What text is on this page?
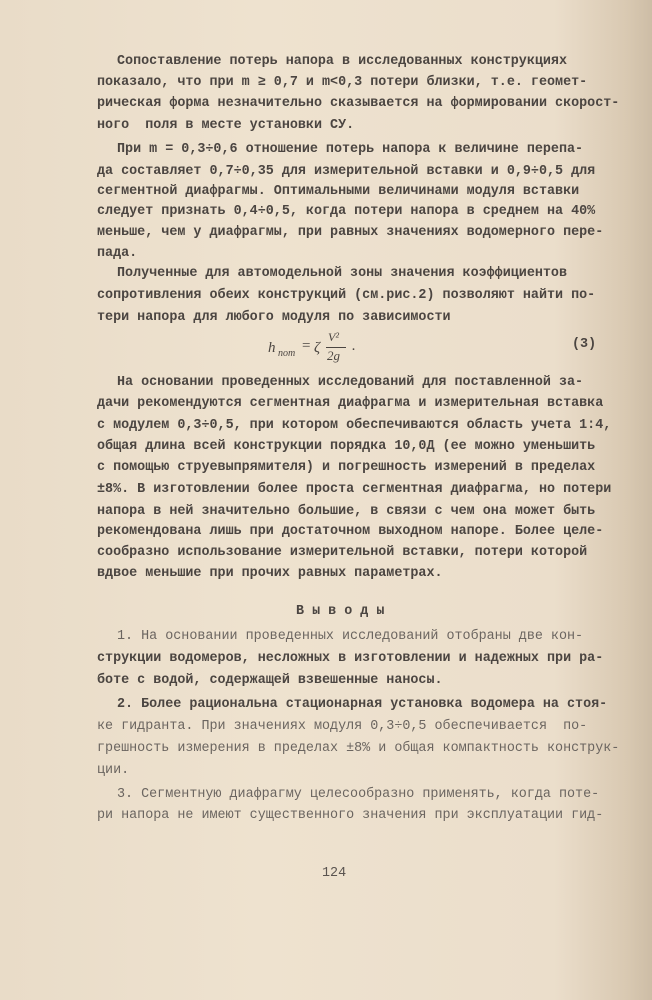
Сопоставление потерь напора в исследованных конструкциях
показало, что при m ≥ 0,7 и m<0,3 потери близки, т.е. геомет-
рическая форма незначительно сказывается на формировании скорост-
ного  поля в месте установки СУ.
При m = 0,3÷0,6 отношение потерь напора к величине перепа-
да составляет 0,7÷0,35 для измерительной вставки и 0,9÷0,5 для
сегментной диафрагмы. Оптимальными величинами модуля вставки
следует признать 0,4÷0,5, когда потери напора в среднем на 40%
меньше, чем у диафрагмы, при равных значениях водомерного пере-
пада.
Полученные для автомодельной зоны значения коэффициентов
сопротивления обеих конструкций (см.рис.2) позволяют найти по-
тери напора для любого модуля по зависимости
h пот = ζ
V²
2g
.	(3)
На основании проведенных исследований для поставленной за-
дачи рекомендуются сегментная диафрагма и измерительная вставка
с модулем 0,3÷0,5, при котором обеспечиваются область учета 1:4,
общая длина всей конструкции порядка 10,0Д (ее можно уменьшить
с помощью струевыпрямителя) и погрешность измерений в пределах
±8%. В изготовлении более проста сегментная диафрагма, но потери
напора в ней значительно большие, в связи с чем она может быть
рекомендована лишь при достаточном выходном напоре. Более целе-
сообразно использование измерительной вставки, потери которой
вдвое меньшие при прочих равных параметрах.
В ы в о д ы
1. На основании проведенных исследований отобраны две кон-
струкции водомеров, несложных в изготовлении и надежных при ра-
боте с водой, содержащей взвешенные наносы.
2. Более рациональна стационарная установка водомера на стоя-
ке гидранта. При значениях модуля 0,3÷0,5 обеспечивается  по-
грешность измерения в пределах ±8% и общая компактность конструк-
ции.
3. Сегментную диафрагму целесообразно применять, когда поте-
ри напора не имеют существенного значения при эксплуатации гид-
124
